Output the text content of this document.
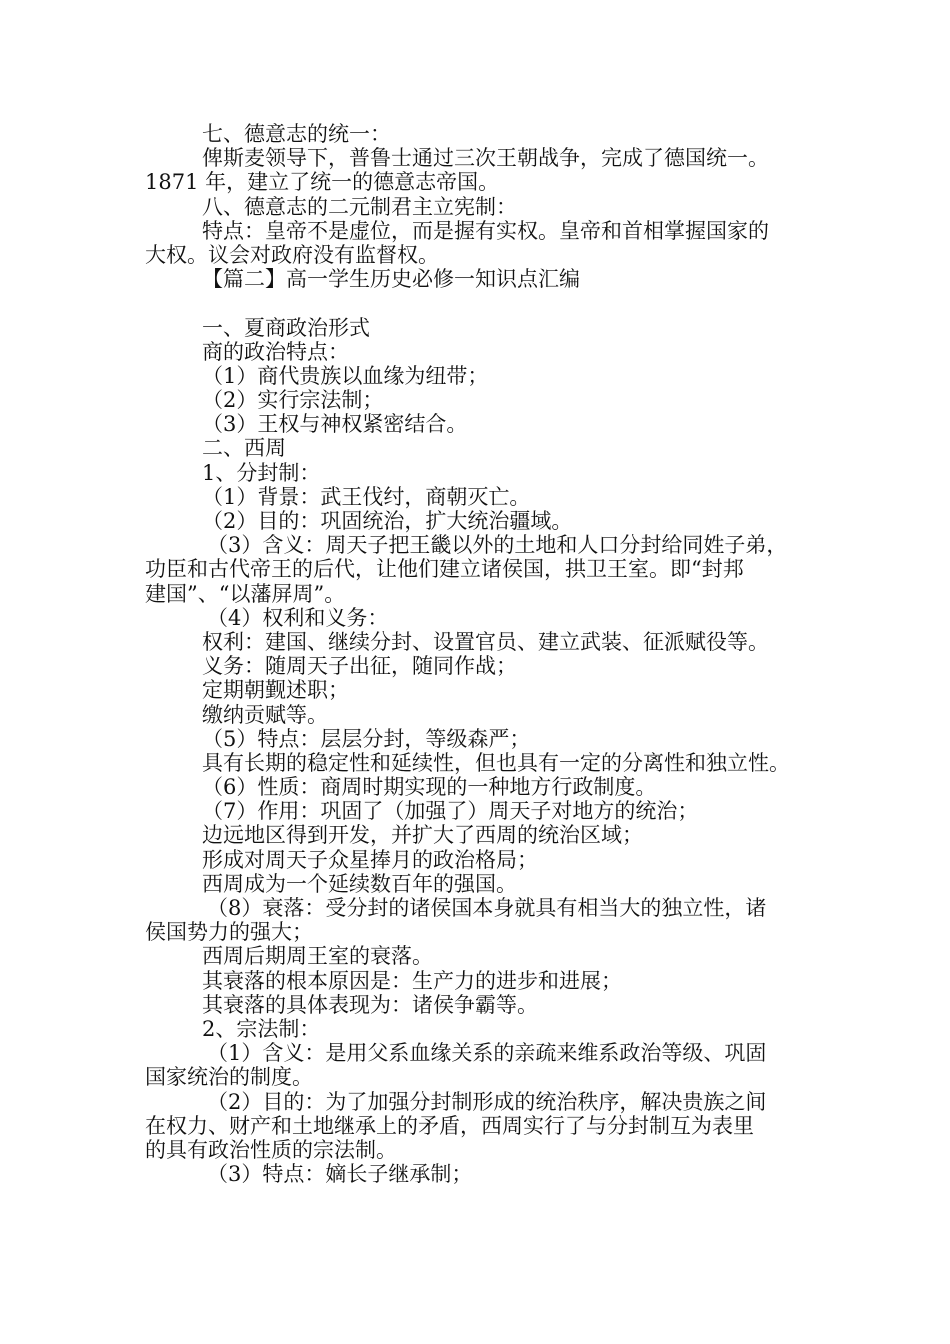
七、德意志的统一：
俾斯麦领导下，普鲁士通过三次王朝战争，完成了德国统一。
1871 年，建立了统一的德意志帝国。
八、德意志的二元制君主立宪制：
特点：皇帝不是虚位，而是握有实权。皇帝和首相掌握国家的
大权。议会对政府没有监督权。
【篇二】高一学生历史必修一知识点汇编
一、夏商政治形式
商的政治特点：
（1）商代贵族以血缘为纽带；
（2）实行宗法制；
（3）王权与神权紧密结合。
二、西周
1、分封制：
（1）背景：武王伐纣，商朝灭亡。
（2）目的：巩固统治，扩大统治疆域。
（3）含义：周天子把王畿以外的土地和人口分封给同姓子弟，
功臣和古代帝王的后代，让他们建立诸侯国，拱卫王室。即“封邦
建国”、“以藩屏周”。
（4）权利和义务：
权利：建国、继续分封、设置官员、建立武装、征派赋役等。
义务：随周天子出征，随同作战；
定期朝觐述职；
缴纳贡赋等。
（5）特点：层层分封，等级森严；
具有长期的稳定性和延续性，但也具有一定的分离性和独立性。
（6）性质：商周时期实现的一种地方行政制度。
（7）作用：巩固了（加强了）周天子对地方的统治；
边远地区得到开发，并扩大了西周的统治区域；
形成对周天子众星捧月的政治格局；
西周成为一个延续数百年的强国。
（8）衰落：受分封的诸侯国本身就具有相当大的独立性，诸
侯国势力的强大；
西周后期周王室的衰落。
其衰落的根本原因是：生产力的进步和进展；
其衰落的具体表现为：诸侯争霸等。
2、宗法制：
（1）含义：是用父系血缘关系的亲疏来维系政治等级、巩固
国家统治的制度。
（2）目的：为了加强分封制形成的统治秩序，解决贵族之间
在权力、财产和土地继承上的矛盾，西周实行了与分封制互为表里
的具有政治性质的宗法制。
（3）特点：嫡长子继承制；
